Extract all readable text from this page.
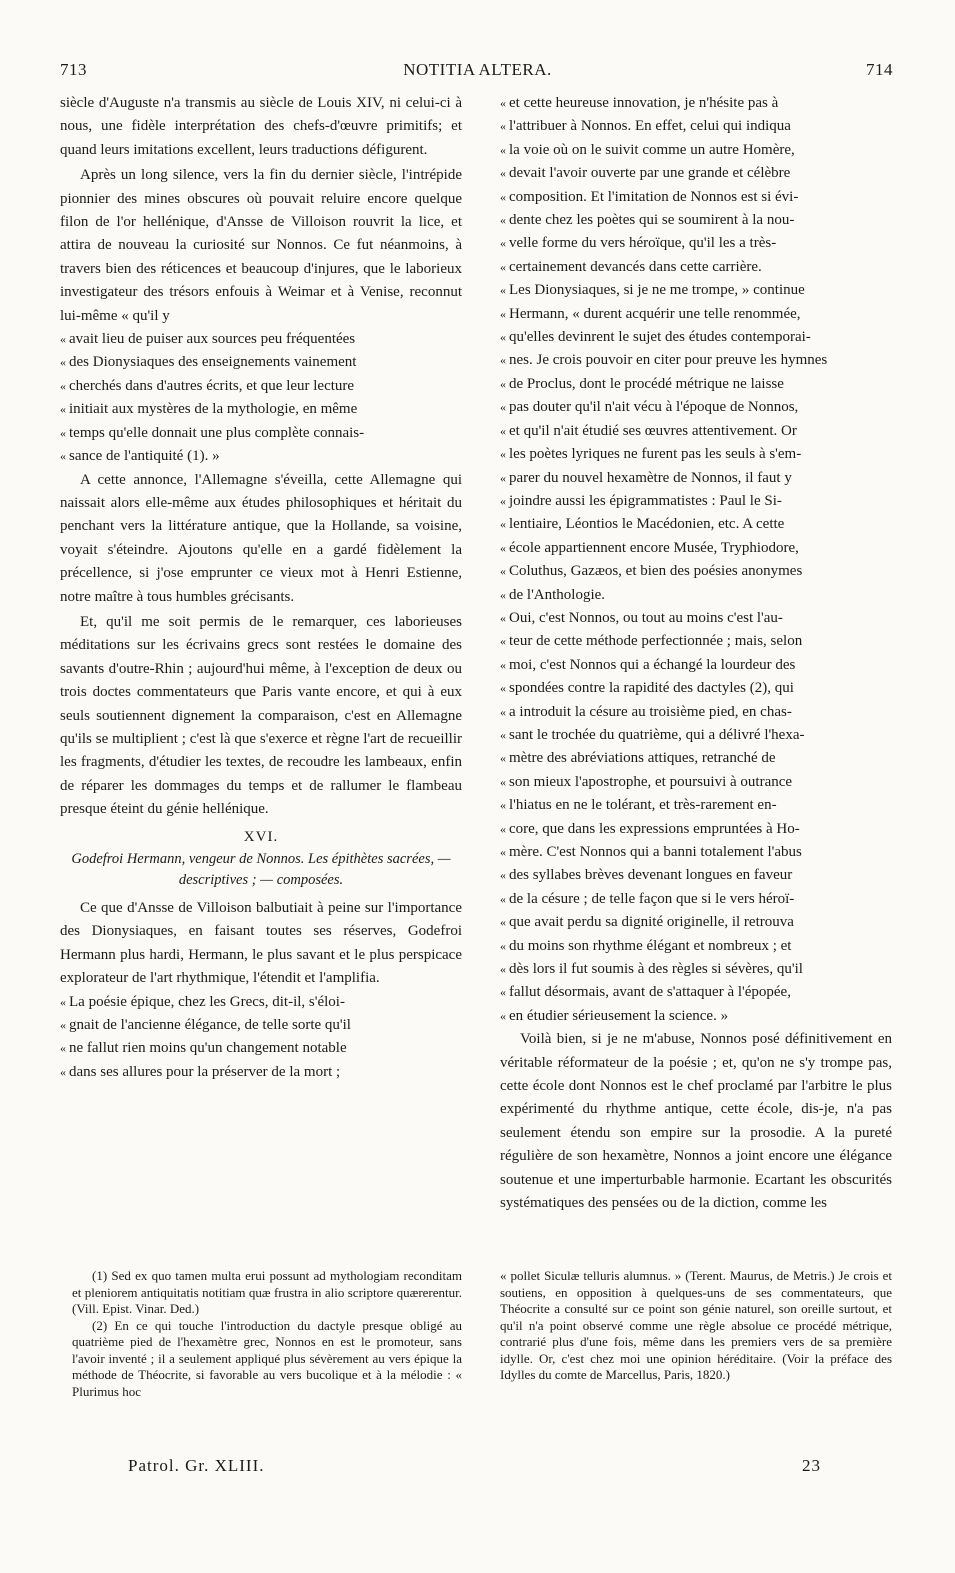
713	NOTITIA ALTERA.	714

siècle d'Auguste n'a transmis au siècle de Louis XIV, ni celui-ci à nous, une fidèle interprétation des chefs-d'œuvre primitifs; et quand leurs imitations excellent, leurs traductions défigurent.

Après un long silence, vers la fin du dernier siècle, l'intrépide pionnier des mines obscures où pouvait reluire encore quelque filon de l'or hellénique, d'Ansse de Villoison rouvrit la lice, et attira de nouveau la curiosité sur Nonnos. Ce fut néanmoins, à travers bien des réticences et beaucoup d'injures, que le laborieux investigateur des trésors enfouis à Weimar et à Venise, reconnut lui-même « qu'il y

« avait lieu de puiser aux sources peu fréquentées
« des Dionysiaques des enseignements vainement
« cherchés dans d'autres écrits, et que leur lecture
« initiait aux mystères de la mythologie, en même
« temps qu'elle donnait une plus complète connais-
« sance de l'antiquité (1). »

A cette annonce, l'Allemagne s'éveilla, cette Allemagne qui naissait alors elle-même aux études philosophiques et héritait du penchant vers la littérature antique, que la Hollande, sa voisine, voyait s'éteindre. Ajoutons qu'elle en a gardé fidèlement la précellence, si j'ose emprunter ce vieux mot à Henri Estienne, notre maître à tous humbles grécisants.

Et, qu'il me soit permis de le remarquer, ces laborieuses méditations sur les écrivains grecs sont restées le domaine des savants d'outre-Rhin ; aujourd'hui même, à l'exception de deux ou trois doctes commentateurs que Paris vante encore, et qui à eux seuls soutiennent dignement la comparaison, c'est en Allemagne qu'ils se multiplient ; c'est là que s'exerce et règne l'art de recueillir les fragments, d'étudier les textes, de recoudre les lambeaux, enfin de réparer les dommages du temps et de rallumer le flambeau presque éteint du génie hellénique.

XVI.
Godefroi Hermann, vengeur de Nonnos. Les épithètes sacrées, — descriptives ; — composées.

Ce que d'Ansse de Villoison balbutiait à peine sur l'importance des Dionysiaques, en faisant toutes ses réserves, Godefroi Hermann plus hardi, Hermann, le plus savant et le plus perspicace explorateur de l'art rhythmique, l'étendit et l'amplifia.

« La poésie épique, chez les Grecs, dit-il, s'éloi-
« gnait de l'ancienne élégance, de telle sorte qu'il
« ne fallut rien moins qu'un changement notable
« dans ses allures pour la préserver de la mort ;
« et cette heureuse innovation, je n'hésite pas à
« l'attribuer à Nonnos. En effet, celui qui indiqua
« la voie où on le suivit comme un autre Homère,
« devait l'avoir ouverte par une grande et célèbre
« composition. Et l'imitation de Nonnos est si évi-
« dente chez les poètes qui se soumirent à la nou-
« velle forme du vers héroïque, qu'il les a très-
« certainement devancés dans cette carrière.
« Les Dionysiaques, si je ne me trompe, » continue
« Hermann, « durent acquérir une telle renommée,
« qu'elles devinrent le sujet des études contemporai-
« nes. Je crois pouvoir en citer pour preuve les hymnes
« de Proclus, dont le procédé métrique ne laisse
« pas douter qu'il n'ait vécu à l'époque de Nonnos,
« et qu'il n'ait étudié ses œuvres attentivement. Or
« les poètes lyriques ne furent pas les seuls à s'em-
« parer du nouvel hexamètre de Nonnos, il faut y
« joindre aussi les épigrammatistes : Paul le Si-
« lentiaire, Léontios le Macédonien, etc. A cette
« école appartiennent encore Musée, Tryphiodore,
« Coluthus, Gazæos, et bien des poésies anonymes
« de l'Anthologie.
« Oui, c'est Nonnos, ou tout au moins c'est l'au-
« teur de cette méthode perfectionnée ; mais, selon
« moi, c'est Nonnos qui a échangé la lourdeur des
« spondées contre la rapidité des dactyles (2), qui
« a introduit la césure au troisième pied, en chas-
« sant le trochée du quatrième, qui a délivré l'hexa-
« mètre des abréviations attiques, retranché de
« son mieux l'apostrophe, et poursuivi à outrance
« l'hiatus en ne le tolérant, et très-rarement en-
« core, que dans les expressions empruntées à Ho-
« mère. C'est Nonnos qui a banni totalement l'abus
« des syllabes brèves devenant longues en faveur
« de la césure ; de telle façon que si le vers héroï-
« que avait perdu sa dignité originelle, il retrouva
« du moins son rhythme élégant et nombreux ; et
« dès lors il fut soumis à des règles si sévères, qu'il
« fallut désormais, avant de s'attaquer à l'épopée,
« en étudier sérieusement la science. »

Voilà bien, si je ne m'abuse, Nonnos posé définitivement en véritable réformateur de la poésie ; et, qu'on ne s'y trompe pas, cette école dont Nonnos est le chef proclamé par l'arbitre le plus expérimenté du rhythme antique, cette école, dis-je, n'a pas seulement étendu son empire sur la prosodie. A la pureté régulière de son hexamètre, Nonnos a joint encore une élégance soutenue et une imperturbable harmonie. Ecartant les obscurités systématiques des pensées ou de la diction, comme les

(1) Sed ex quo tamen multa erui possunt ad mythologiam reconditam et pleniorem antiquitatis notitiam quæ frustra in alio scriptore quærerentur. (Vill. Epist. Vinar. Ded.)

(2) En ce qui touche l'introduction du dactyle presque obligé au quatrième pied de l'hexamètre grec, Nonnos en est le promoteur, sans l'avoir inventé ; il a seulement appliqué plus sévèrement au vers épique la méthode de Théocrite, si favorable au vers bucolique et à la mélodie : « Plurimus hoc

« pollet Siculæ telluris alumnus. » (Terent. Maurus, de Metris.) Je crois et soutiens, en opposition à quelques-uns de ses commentateurs, que Théocrite a consulté sur ce point son génie naturel, son oreille surtout, et qu'il n'a point observé comme une règle absolue ce procédé métrique, contrarié plus d'une fois, même dans les premiers vers de sa première idylle. Or, c'est chez moi une opinion héréditaire. (Voir la préface des Idylles du comte de Marcellus, Paris, 1820.)

Patrol. Gr. XLIII.	23
